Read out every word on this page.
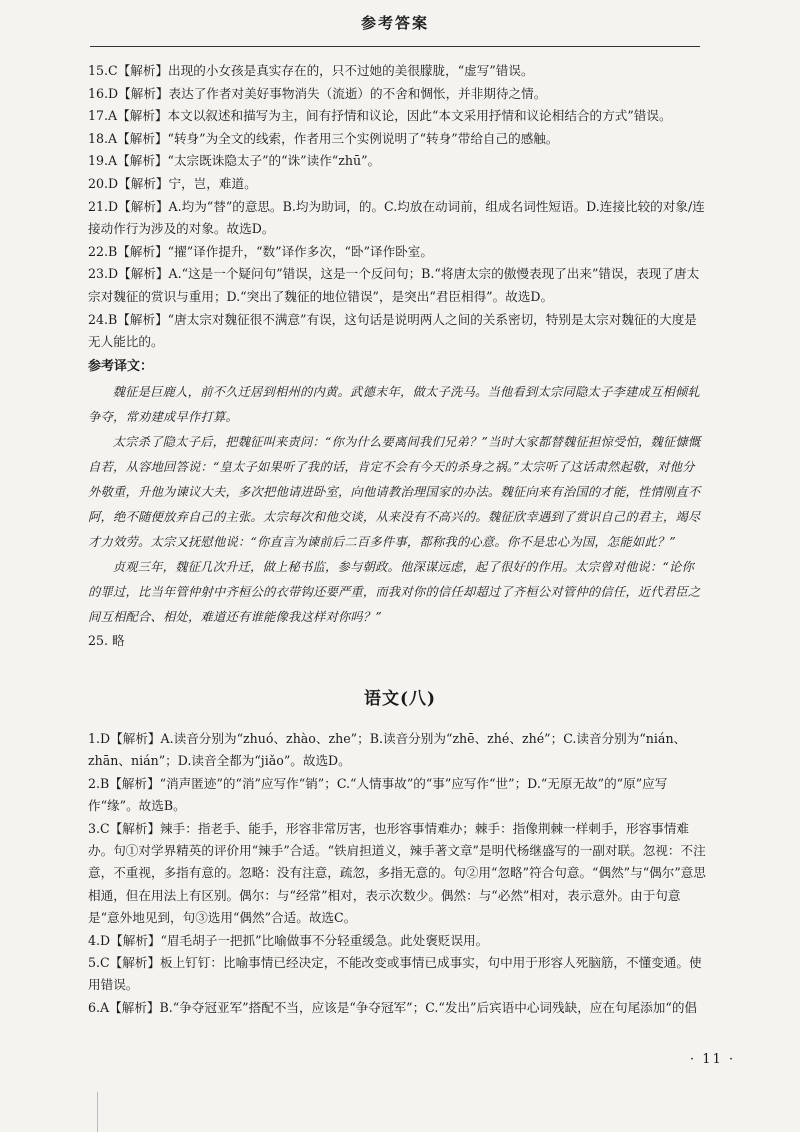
参考答案
15.C【解析】出现的小女孩是真实存在的，只不过她的美很朦胧，“虚写”错误。
16.D【解析】表达了作者对美好事物消失（流逝）的不舍和惆怅，并非期待之情。
17.A【解析】本文以叙述和描写为主，间有抒情和议论，因此“本文采用抒情和议论相结合的方式”错误。
18.A【解析】“转身”为全文的线索，作者用三个实例说明了“转身”带给自己的感触。
19.A【解析】“太宗既诛隐太子”的“诛”读作“zhū”。
20.D【解析】宁，岂，难道。
21.D【解析】A.均为“替”的意思。B.均为助词，的。C.均放在动词前，组成名词性短语。D.连接比较的对象/连接动作行为涉及的对象。故选D。
22.B【解析】“擢”译作提升，“数”译作多次，“卧”译作卧室。
23.D【解析】A.“这是一个疑问句”错误，这是一个反问句；B.“将唐太宗的傲慢表现了出来”错误，表现了唐太宗对魏征的赏识与重用；D.“突出了魏征的地位错误”，是突出“君臣相得”。故选D。
24.B【解析】“唐太宗对魏征很不满意”有误，这句话是说明两人之间的关系密切，特别是太宗对魏征的大度是无人能比的。
参考译文：
魏征是巨鹿人，前不久迁居到相州的内黄。武德末年，做太子洗马。当他看到太宗同隐太子李建成互相倾轧争夺，常劝建成早作打算。
太宗杀了隐太子后，把魏征叫来责问：“你为什么要离间我们兄弟？”当时大家都替魏征担惊受怕，魏征慷慨自若，从容地回答说：“皇太子如果听了我的话，肯定不会有今天的杀身之祸。”太宗听了这话肃然起敬，对他分外敬重，升他为谏议大夫，多次把他请进卧室，向他请教治理国家的办法。魏征向来有治国的才能，性情刚直不阿，绝不随便放弃自己的主张。太宗每次和他交谈，从来没有不高兴的。魏征欣幸遇到了赏识自己的君主，竭尽才力效劳。太宗又抚慰他说：“你直言为谏前后二百多件事，都称我的心意。你不是忠心为国，怎能如此？”
贞观三年，魏征几次升迁，做上秘书监，参与朝政。他深谋远虑，起了很好的作用。太宗曾对他说：“论你的罪过，比当年管仲射中齐桓公的衣带钩还要严重，而我对你的信任却超过了齐桓公对管仲的信任，近代君臣之间互相配合、相处，难道还有谁能像我这样对你吗？”
25. 略
语文(八)
1.D【解析】A.读音分别为“zhuó、zhào、zhe”；B.读音分别为“zhē、zhé、zhé”；C.读音分别为“nián、zhān、nián”；D.读音全都为“jiǎo”。故选D。
2.B【解析】“消声匿迹”的“消”应写作“销”；C.“人情事故”的“事”应写作“世”；D.“无原无故”的“原”应写作“缘”。故选B。
3.C【解析】辣手：指老手、能手，形容非常厉害，也形容事情难办；棘手：指像荆棘一样刺手，形容事情难办。句①对学界精英的评价用“辣手”合适。“铁肩担道义，辣手著文章”是明代杨继盛写的一副对联。忽视：不注意，不重视，多指有意的。忽略：没有注意，疏忽，多指无意的。句②用“忽略”符合句意。“偶然”与“偶尔”意思相通，但在用法上有区别。偶尔：与“经常”相对，表示次数少。偶然：与“必然”相对，表示意外。由于句意是“意外地见到，句③选用“偶然”合适。故选C。
4.D【解析】“眉毛胡子一把抓”比喻做事不分轻重缓急。此处褒贬误用。
5.C【解析】板上钉钉：比喻事情已经决定，不能改变或事情已成事实，句中用于形容人死脑筋，不懂变通。使用错误。
6.A【解析】B.“争夺冠亚军”搭配不当，应该是“争夺冠军”；C.“发出”后宾语中心词残缺，应在句尾添加“的倡
· 11 ·
